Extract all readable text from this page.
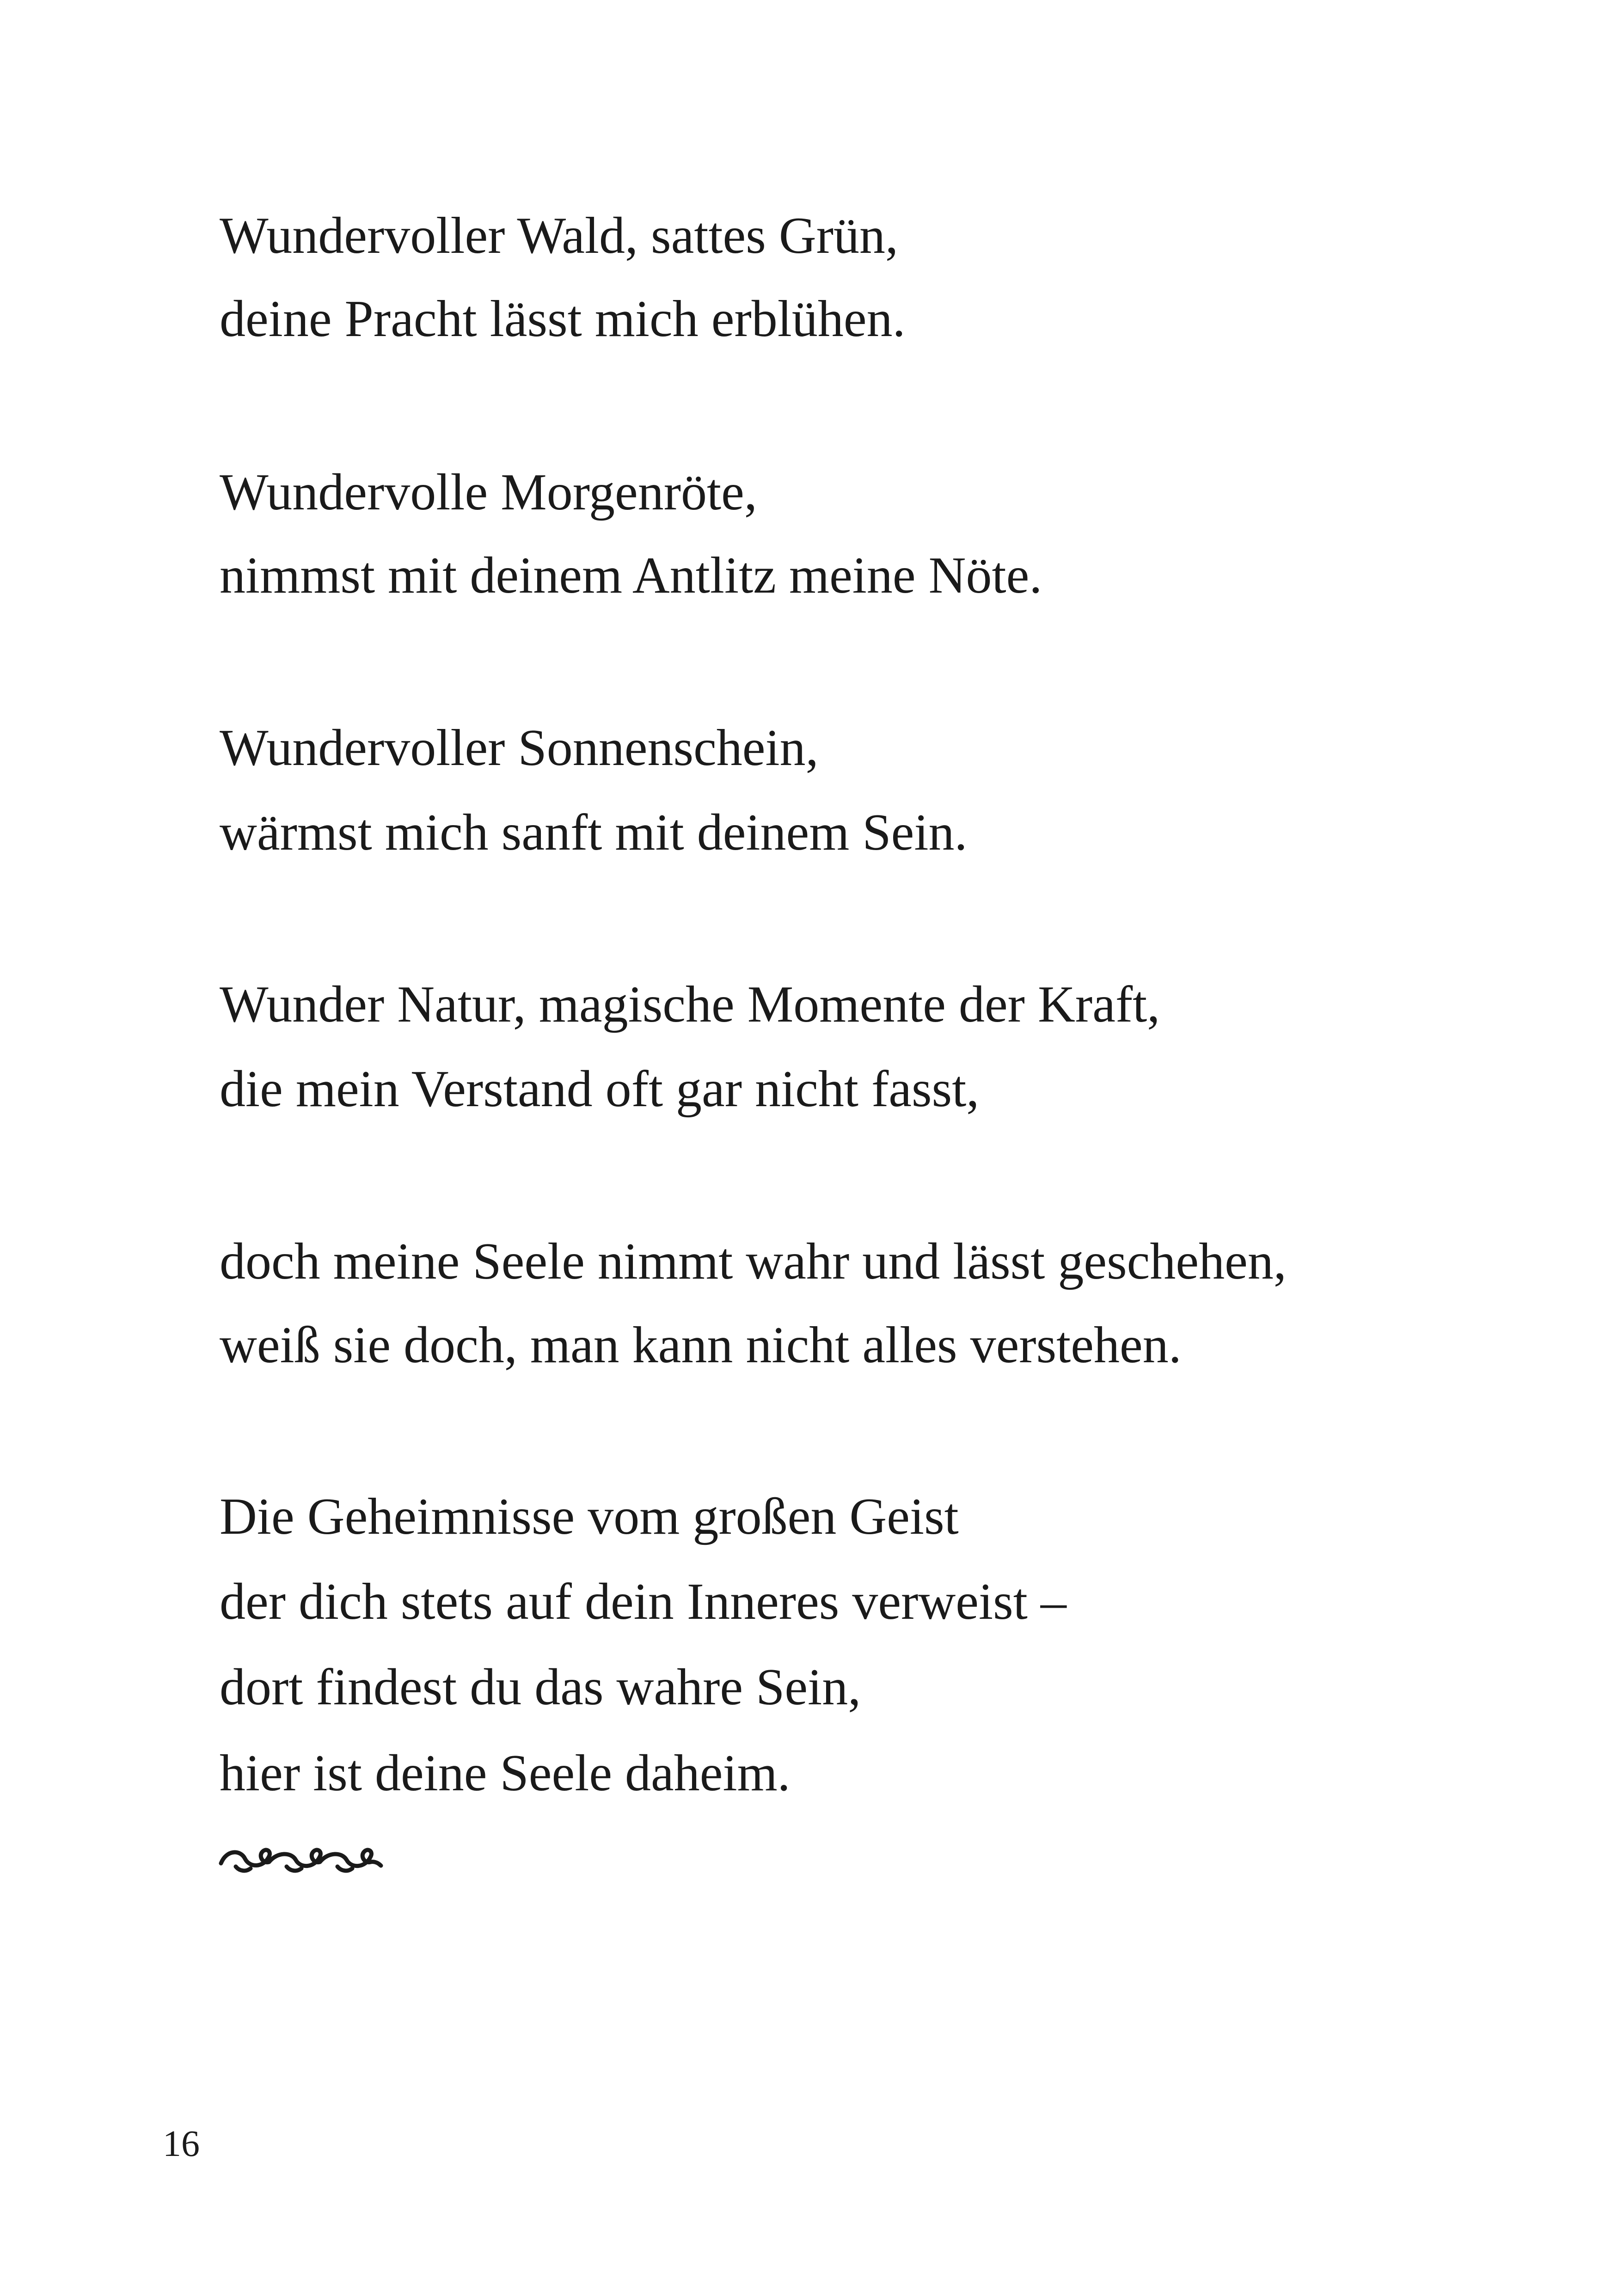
Wundervoller Wald, sattes Grün,
deine Pracht lässt mich erblühen.
Wundervolle Morgenröte,
nimmst mit deinem Antlitz meine Nöte.
Wundervoller Sonnenschein,
wärmst mich sanft mit deinem Sein.
Wunder Natur, magische Momente der Kraft,
die mein Verstand oft gar nicht fasst,
doch meine Seele nimmt wahr und lässt geschehen,
weiß sie doch, man kann nicht alles verstehen.
Die Geheimnisse vom großen Geist
der dich stets auf dein Inneres verweist –
dort findest du das wahre Sein,
hier ist deine Seele daheim.
16
